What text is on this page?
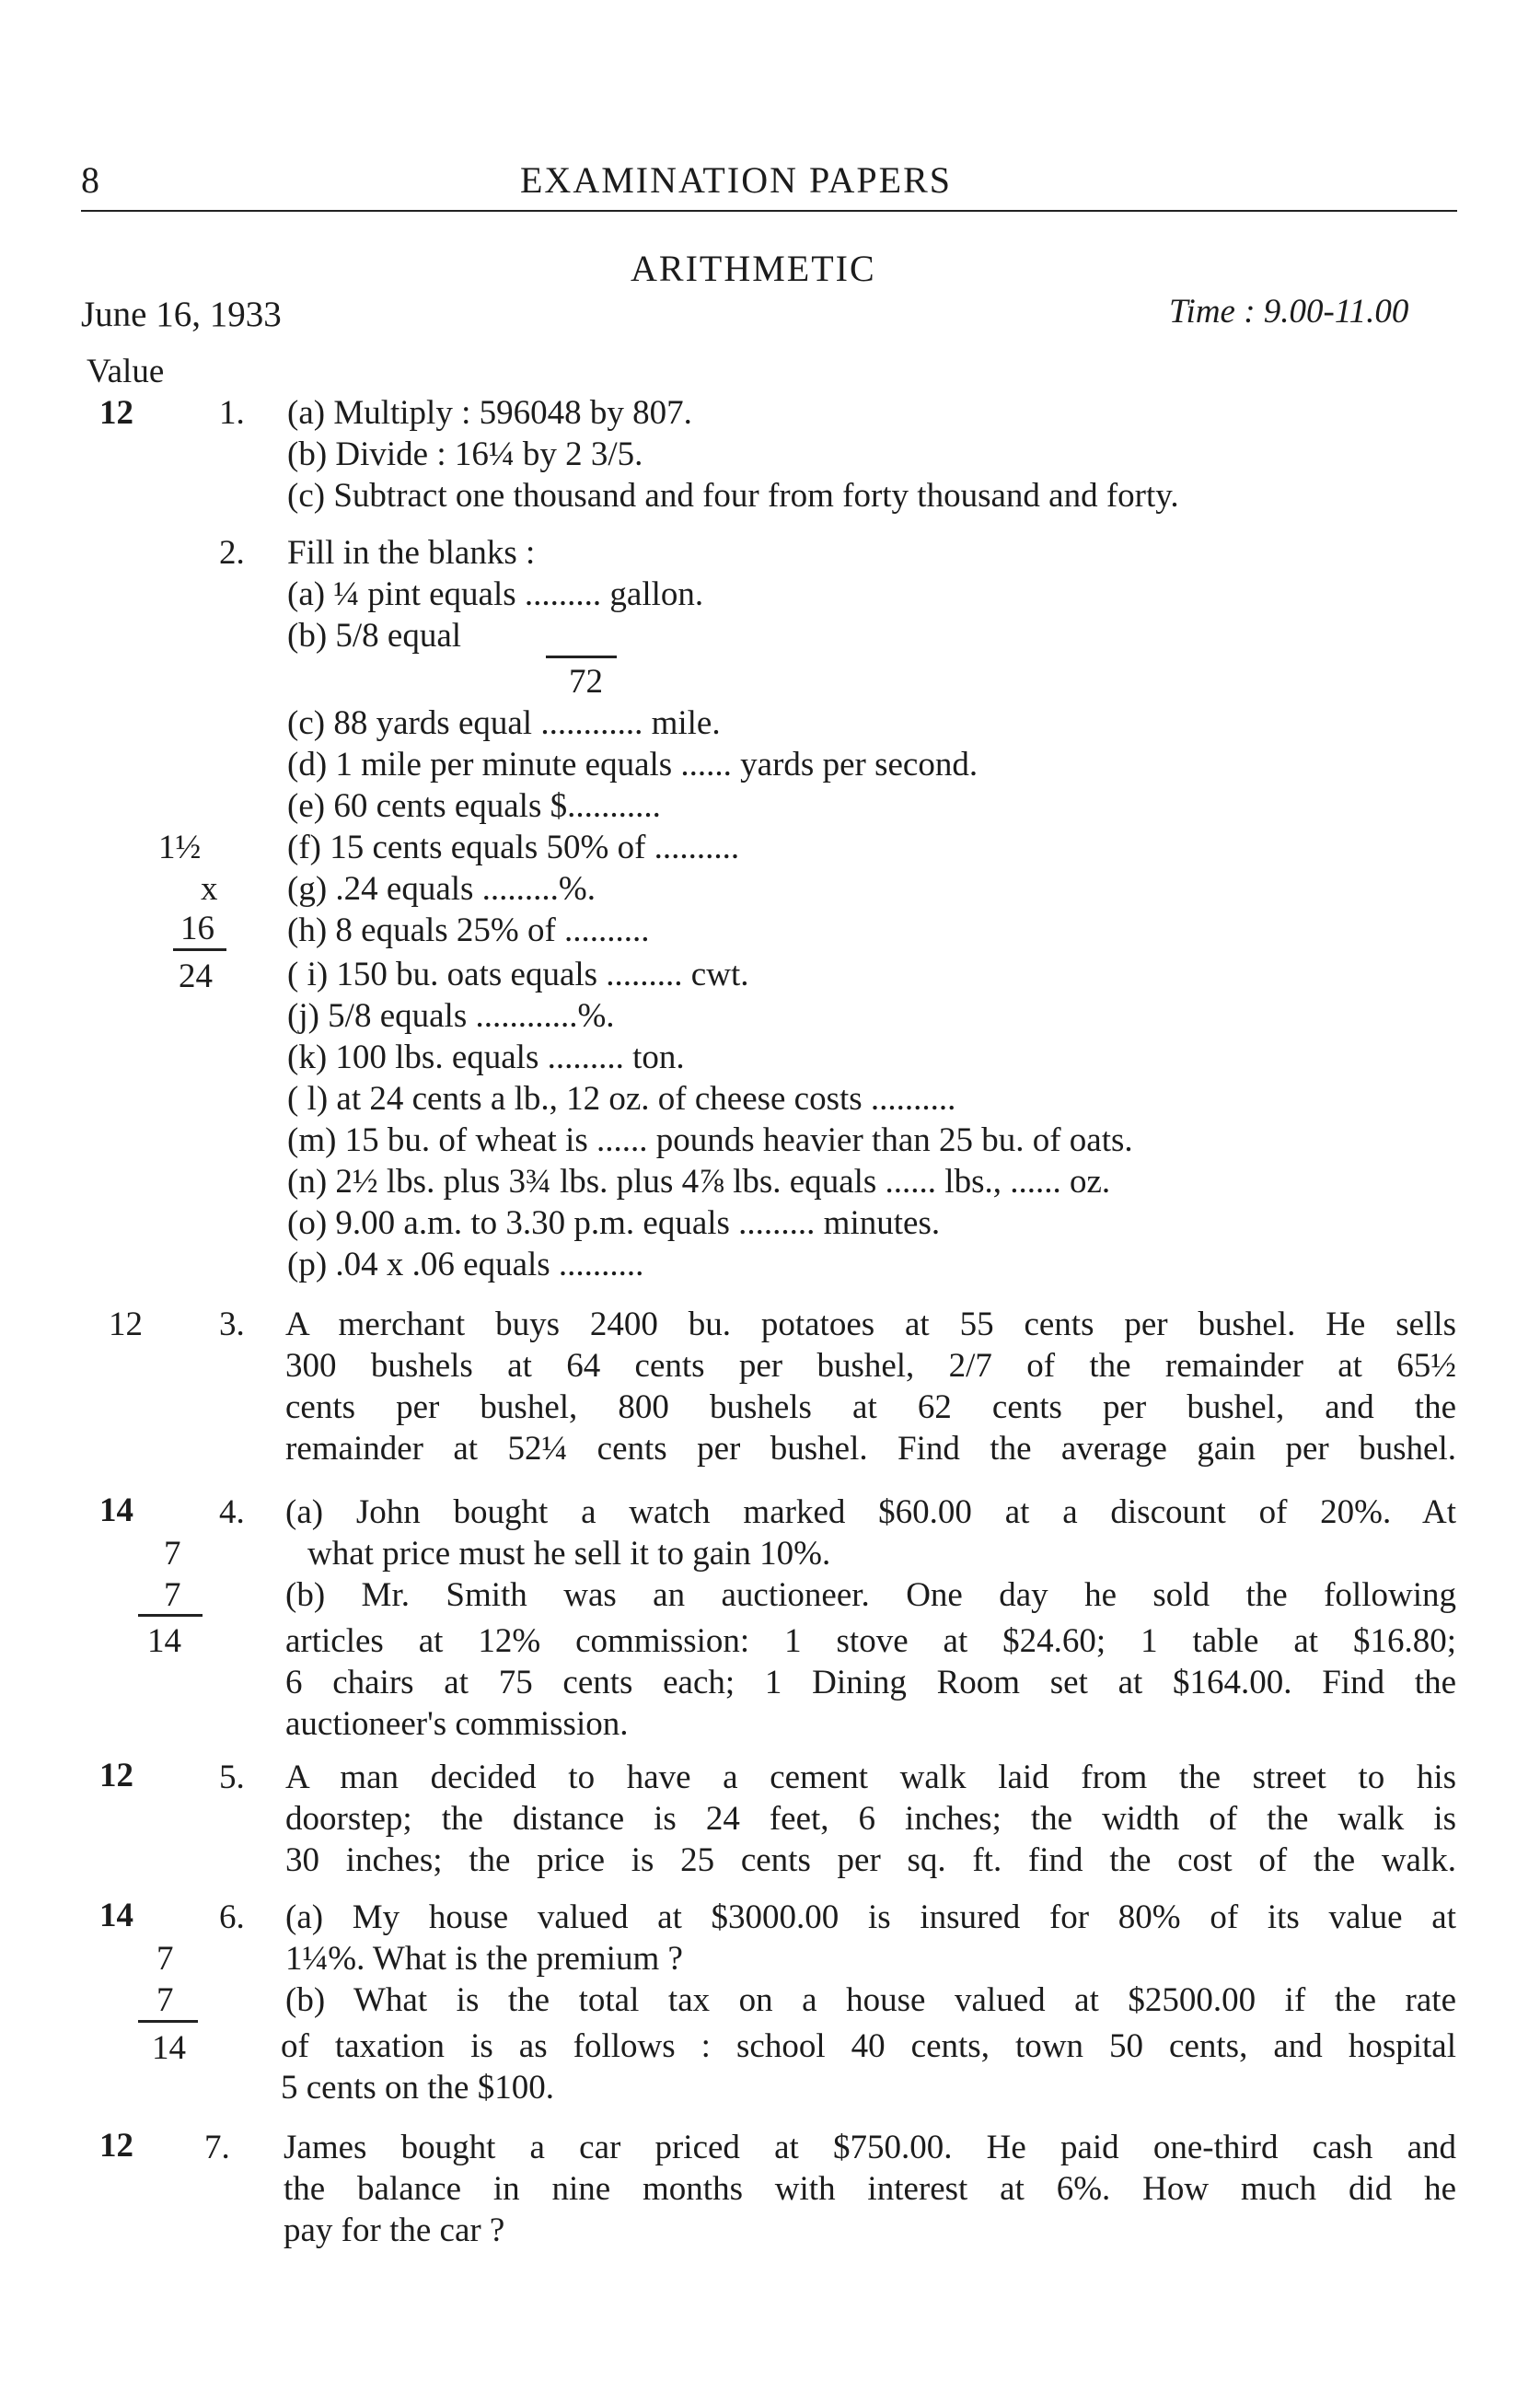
8	EXAMINATION PAPERS
ARITHMETIC
June 16, 1933	Time : 9.00-11.00
Value
12	1. (a) Multiply : 596048 by 807.
(b) Divide : 16¼ by 2 3/5.
(c) Subtract one thousand and four from forty thousand and forty.
2. Fill in the blanks :
(a) ¼ pint equals ......... gallon.
(b) 5/8 equal
72
(c) 88 yards equal ............ mile.
(d) 1 mile per minute equals ...... yards per second.
(e) 60 cents equals $...........
(f) 15 cents equals 50% of ..........
(g) .24 equals .........%.
(h) 8 equals 25% of ..........
( i) 150 bu. oats equals ......... cwt.
(j) 5/8 equals ............%.
(k) 100 lbs. equals ......... ton.
( l) at 24 cents a lb., 12 oz. of cheese costs ..........
(m) 15 bu. of wheat is ...... pounds heavier than 25 bu. of oats.
(n) 2½ lbs. plus 3¾ lbs. plus 4⅞ lbs. equals ...... lbs., ...... oz.
(o) 9.00 a.m. to 3.30 p.m. equals ......... minutes.
(p) .04 x .06 equals ..........
1½
x
16
24
12 3. A merchant buys 2400 bu. potatoes at 55 cents per bushel. He sells
300 bushels at 64 cents per bushel, 2/7 of the remainder at 65½
cents per bushel, 800 bushels at 62 cents per bushel, and the
remainder at 52¼ cents per bushel. Find the average gain per bushel.
14	4. (a) John bought a watch marked $60.00 at a discount of 20%. At
what price must he sell it to gain 10%.
(b) Mr. Smith was an auctioneer. One day he sold the following
articles at 12% commission: 1 stove at $24.60; 1 table at $16.80;
6 chairs at 75 cents each; 1 Dining Room set at $164.00. Find the
auctioneer's commission.
7
7
14
12	5. A man decided to have a cement walk laid from the street to his
doorstep; the distance is 24 feet, 6 inches; the width of the walk is
30 inches; the price is 25 cents per sq. ft. find the cost of the walk.
14	6. (a) My house valued at $3000.00 is insured for 80% of its value at
1¼%. What is the premium ?
(b) What is the total tax on a house valued at $2500.00 if the rate
of taxation is as follows : school 40 cents, town 50 cents, and hospital
5 cents on the $100.
7
7
14
12 7. James bought a car priced at $750.00. He paid one-third cash and
the balance in nine months with interest at 6%. How much did he
pay for the car ?
